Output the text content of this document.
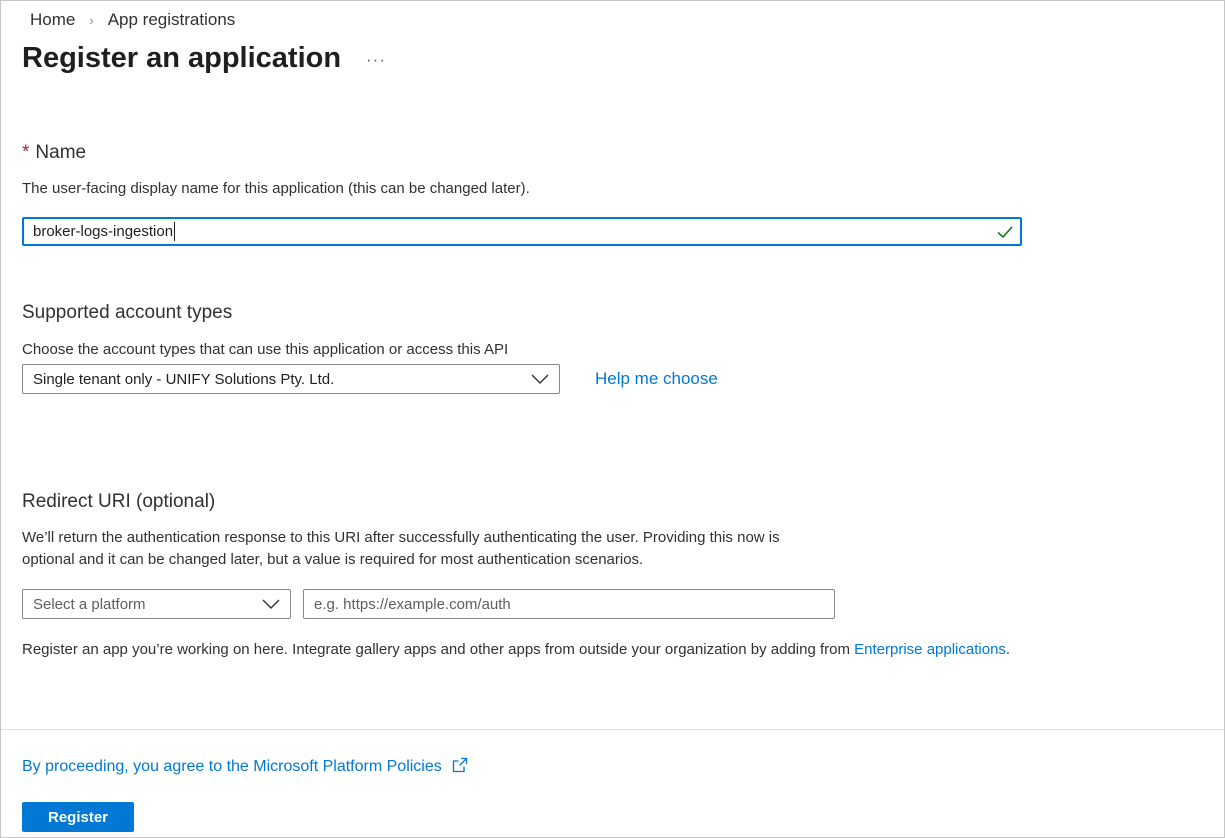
Home › App registrations
Register an application ···
* Name
The user-facing display name for this application (this can be changed later).
broker-logs-ingestion
Supported account types
Choose the account types that can use this application or access this API
Single tenant only - UNIFY Solutions Pty. Ltd.	Help me choose
Redirect URI (optional)
We’ll return the authentication response to this URI after successfully authenticating the user. Providing this now is
optional and it can be changed later, but a value is required for most authentication scenarios.
Select a platform	e.g. https://example.com/auth
Register an app you’re working on here. Integrate gallery apps and other apps from outside your organization by adding from Enterprise applications.
By proceeding, you agree to the Microsoft Platform Policies
Register
